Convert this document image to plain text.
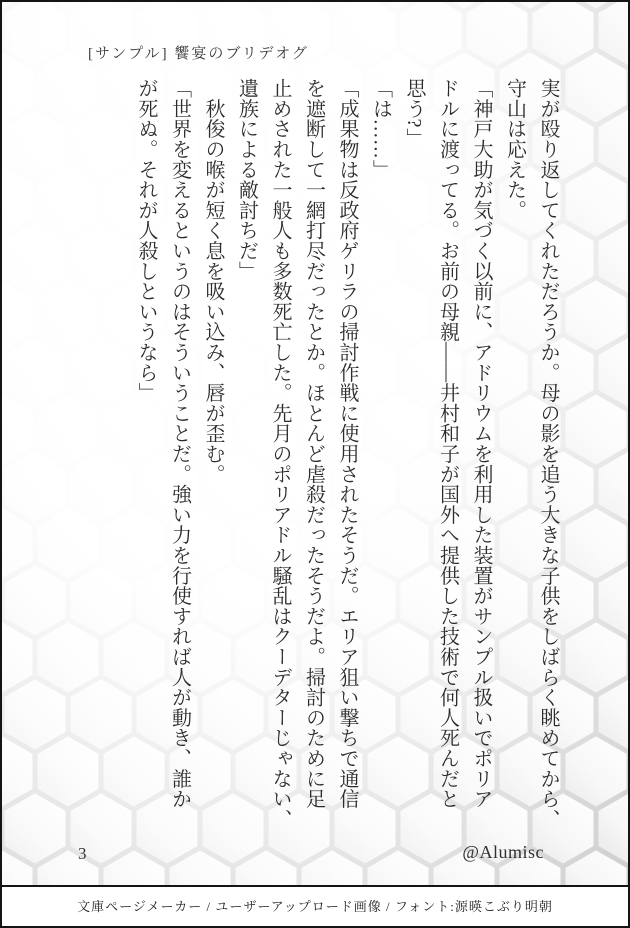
[サンプル] 饗宴のブリデオグ
実が殴り返してくれただろうか。母の影を追う大きな子供をしばらく眺めてから、
守山は応えた。
「神戸大助が気づく以前に、アドリウムを利用した装置がサンプル扱いでポリア
ドルに渡ってる。お前の母親――井村和子が国外へ提供した技術で何人死んだと
思う?」
「は……」
「成果物は反政府ゲリラの掃討作戦に使用されたそうだ。エリア狙い撃ちで通信
を遮断して一網打尽だったとか。ほとんど虐殺だったそうだよ。掃討のために足
止めされた一般人も多数死亡した。先月のポリアドル騒乱はクーデターじゃない、
遺族による敵討ちだ」
　秋俊の喉が短く息を吸い込み、唇が歪む。
「世界を変えるというのはそういうことだ。強い力を行使すれば人が動き、誰か
が死ぬ。それが人殺しというなら」
3	@Alumisc
文庫ページメーカー / ユーザーアップロード画像 / フォント:源暎こぶり明朝
